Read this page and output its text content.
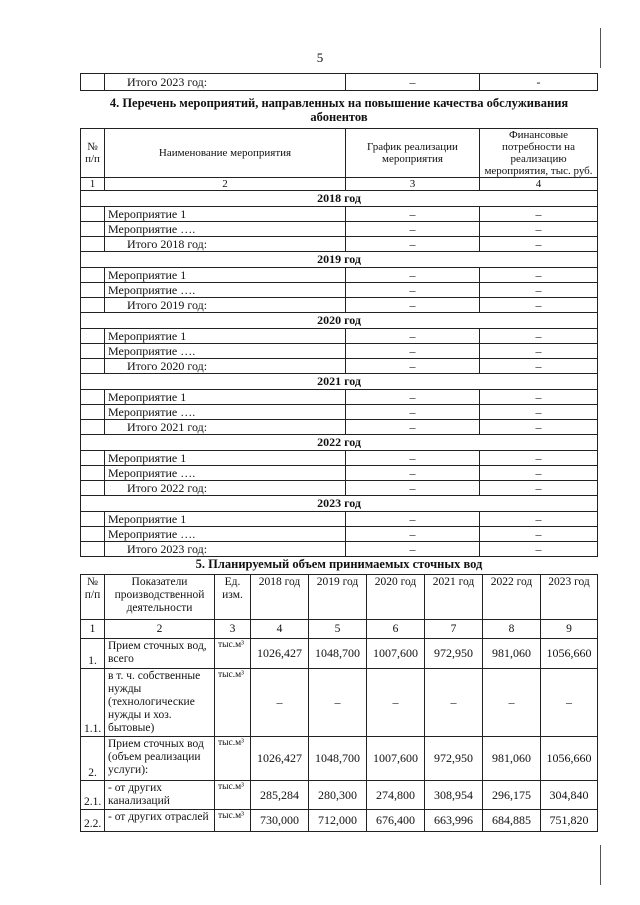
5
	Итого 2023 год:	–	-
4. Перечень мероприятий, направленных на повышение качества обслуживания
абонентов
№ п/п	Наименование мероприятия	График реализации мероприятия	Финансовые потребности на реализацию мероприятия, тыс. руб.
1	2	3	4
2018 год			
	Мероприятие 1	–	–
	Мероприятие ….	–	–
	Итого 2018 год:	–	–
2019 год			
	Мероприятие 1	–	–
	Мероприятие ….	–	–
	Итого 2019 год:	–	–
2020 год			
	Мероприятие 1	–	–
	Мероприятие ….	–	–
	Итого 2020 год:	–	–
2021 год			
	Мероприятие 1	–	–
	Мероприятие ….	–	–
	Итого 2021 год:	–	–
2022 год			
	Мероприятие 1	–	–
	Мероприятие ….	–	–
	Итого 2022 год:	–	–
2023 год			
	Мероприятие 1	–	–
	Мероприятие ….	–	–
	Итого 2023 год:	–	–
5. Планируемый объем принимаемых сточных вод
№ п/п	Показатели производственной деятельности	Ед. изм.	2018 год	2019 год	2020 год	2021 год	2022 год	2023 год
1	2	3	4	5	6	7	8	9
1.	Прием сточных вод, всего	тыс.м³	1026,427	1048,700	1007,600	972,950	981,060	1056,660
1.1.	в т. ч. собственные нужды (технологические нужды и хоз. бытовые)	тыс.м³	–	–	–	–	–	–
2.	Прием сточных вод (объем реализации услуги):	тыс.м³	1026,427	1048,700	1007,600	972,950	981,060	1056,660
2.1.	- от других канализаций	тыс.м³	285,284	280,300	274,800	308,954	296,175	304,840
2.2.	- от других отраслей	тыс.м³	730,000	712,000	676,400	663,996	684,885	751,820
